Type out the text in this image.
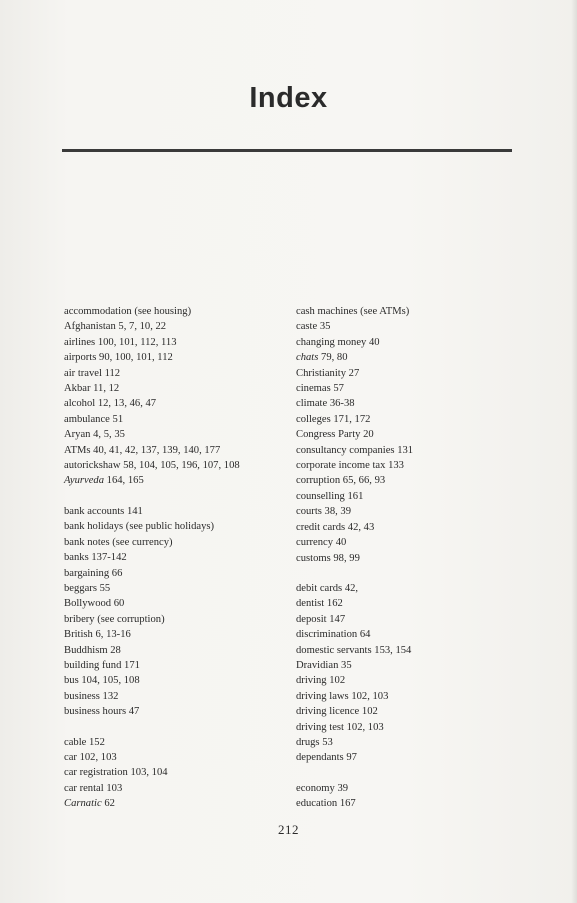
Index
accommodation (see housing)
Afghanistan 5, 7, 10, 22
airlines 100, 101, 112, 113
airports 90, 100, 101, 112
air travel 112
Akbar 11, 12
alcohol 12, 13, 46, 47
ambulance 51
Aryan 4, 5, 35
ATMs 40, 41, 42, 137, 139, 140, 177
autorickshaw 58, 104, 105, 196, 107, 108
Ayurveda 164, 165
bank accounts 141
bank holidays (see public holidays)
bank notes (see currency)
banks 137-142
bargaining 66
beggars 55
Bollywood 60
bribery (see corruption)
British 6, 13-16
Buddhism 28
building fund 171
bus 104, 105, 108
business 132
business hours 47
cable 152
car 102, 103
car registration 103, 104
car rental 103
Carnatic 62
cash machines (see ATMs)
caste 35
changing money 40
chats 79, 80
Christianity 27
cinemas 57
climate 36-38
colleges 171, 172
Congress Party 20
consultancy companies 131
corporate income tax 133
corruption 65, 66, 93
counselling 161
courts 38, 39
credit cards 42, 43
currency 40
customs 98, 99
debit cards 42,
dentist 162
deposit 147
discrimination 64
domestic servants 153, 154
Dravidian 35
driving 102
driving laws 102, 103
driving licence 102
driving test 102, 103
drugs 53
dependants 97
economy 39
education 167
212
